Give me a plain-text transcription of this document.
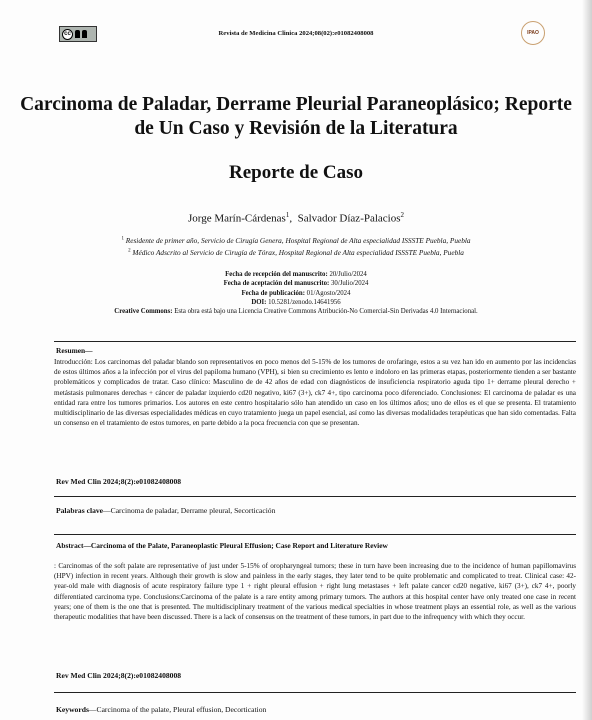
cc	Revista de Medicina Clinica 2024;08(02):e01082408008	IPAO
Carcinoma de Paladar, Derrame Pleurial Paraneoplásico; Reporte de Un Caso y Revisión de la Literatura
Reporte de Caso
Jorge Marín-Cárdenas$^1$,  Salvador Díaz-Palacios$^2$
$^1$ Residente de primer año, Servicio de Cirugía Genera, Hospital Regional de Alta especialidad ISSSTE Puebla, Puebla
$^2$ Médico Adscrito al Servicio de Cirugía de Tórax, Hospital Regional de Alta especialidad ISSSTE Puebla, Puebla
Fecha de recepción del manuscrito: 20/Julio/2024
Fecha de aceptación del manuscrito: 30/Julio/2024
Fecha de publicación: 01/Agosto/2024
DOI: 10.5281/zenodo.14641956
Creative Commons: Esta obra está bajo una Licencia Creative Commons Atribución-No Comercial-Sin Derivadas 4.0 Internacional.
Resumen—
Introducción: Los carcinomas del paladar blando son representativos en poco menos del 5-15% de los tumores de orofaringe, estos a su vez han ido en aumento por las incidencias de estos últimos años a la infección por el virus del papiloma humano (VPH), si bien su crecimiento es lento e indoloro en las primeras etapas, posteriormente tienden a ser bastante problemáticos y complicados de tratar. Caso clínico: Masculino de de 42 años de edad con diagnósticos de insuficiencia respiratorio aguda tipo 1+ derrame pleural derecho + metástasis pulmonares derechas + cáncer de paladar izquierdo cd20 negativo, ki67 (3+), ck7 4+, tipo carcinoma poco diferenciado. Conclusiones: El carcinoma de paladar es una entidad rara entre los tumores primarios. Los autores en este centro hospitalario sólo han atendido un caso en los últimos años; uno de ellos es el que se presenta. El tratamiento multidisciplinario de las diversas especialidades médicas en cuyo tratamiento juega un papel esencial, así como las diversas modalidades terapéuticas que han sido comentadas. Falta un consenso en el tratamiento de estos tumores, en parte debido a la poca frecuencia con que se presentan.
Rev Med Clin 2024;8(2):e01082408008
Palabras clave—Carcinoma de paladar, Derrame pleural, Secorticación
Abstract—Carcinoma of the Palate, Paraneoplastic Pleural Effusion; Case Report and Literature Review
: Carcinomas of the soft palate are representative of just under 5-15% of oropharyngeal tumors; these in turn have been increasing due to the incidence of human papillomavirus (HPV) infection in recent years. Although their growth is slow and painless in the early stages, they later tend to be quite problematic and complicated to treat. Clinical case: 42-year-old male with diagnosis of acute respiratory failure type 1 + right pleural effusion + right lung metastases + left palate cancer cd20 negative, ki67 (3+), ck7 4+, poorly differentiated carcinoma type. Conclusions:Carcinoma of the palate is a rare entity among primary tumors. The authors at this hospital center have only treated one case in recent years; one of them is the one that is presented. The multidisciplinary treatment of the various medical specialties in whose treatment plays an essential role, as well as the various therapeutic modalities that have been discussed. There is a lack of consensus on the treatment of these tumors, in part due to the infrequency with which they occur.
Rev Med Clin 2024;8(2):e01082408008
Keywords—Carcinoma of the palate, Pleural effusion, Decortication
